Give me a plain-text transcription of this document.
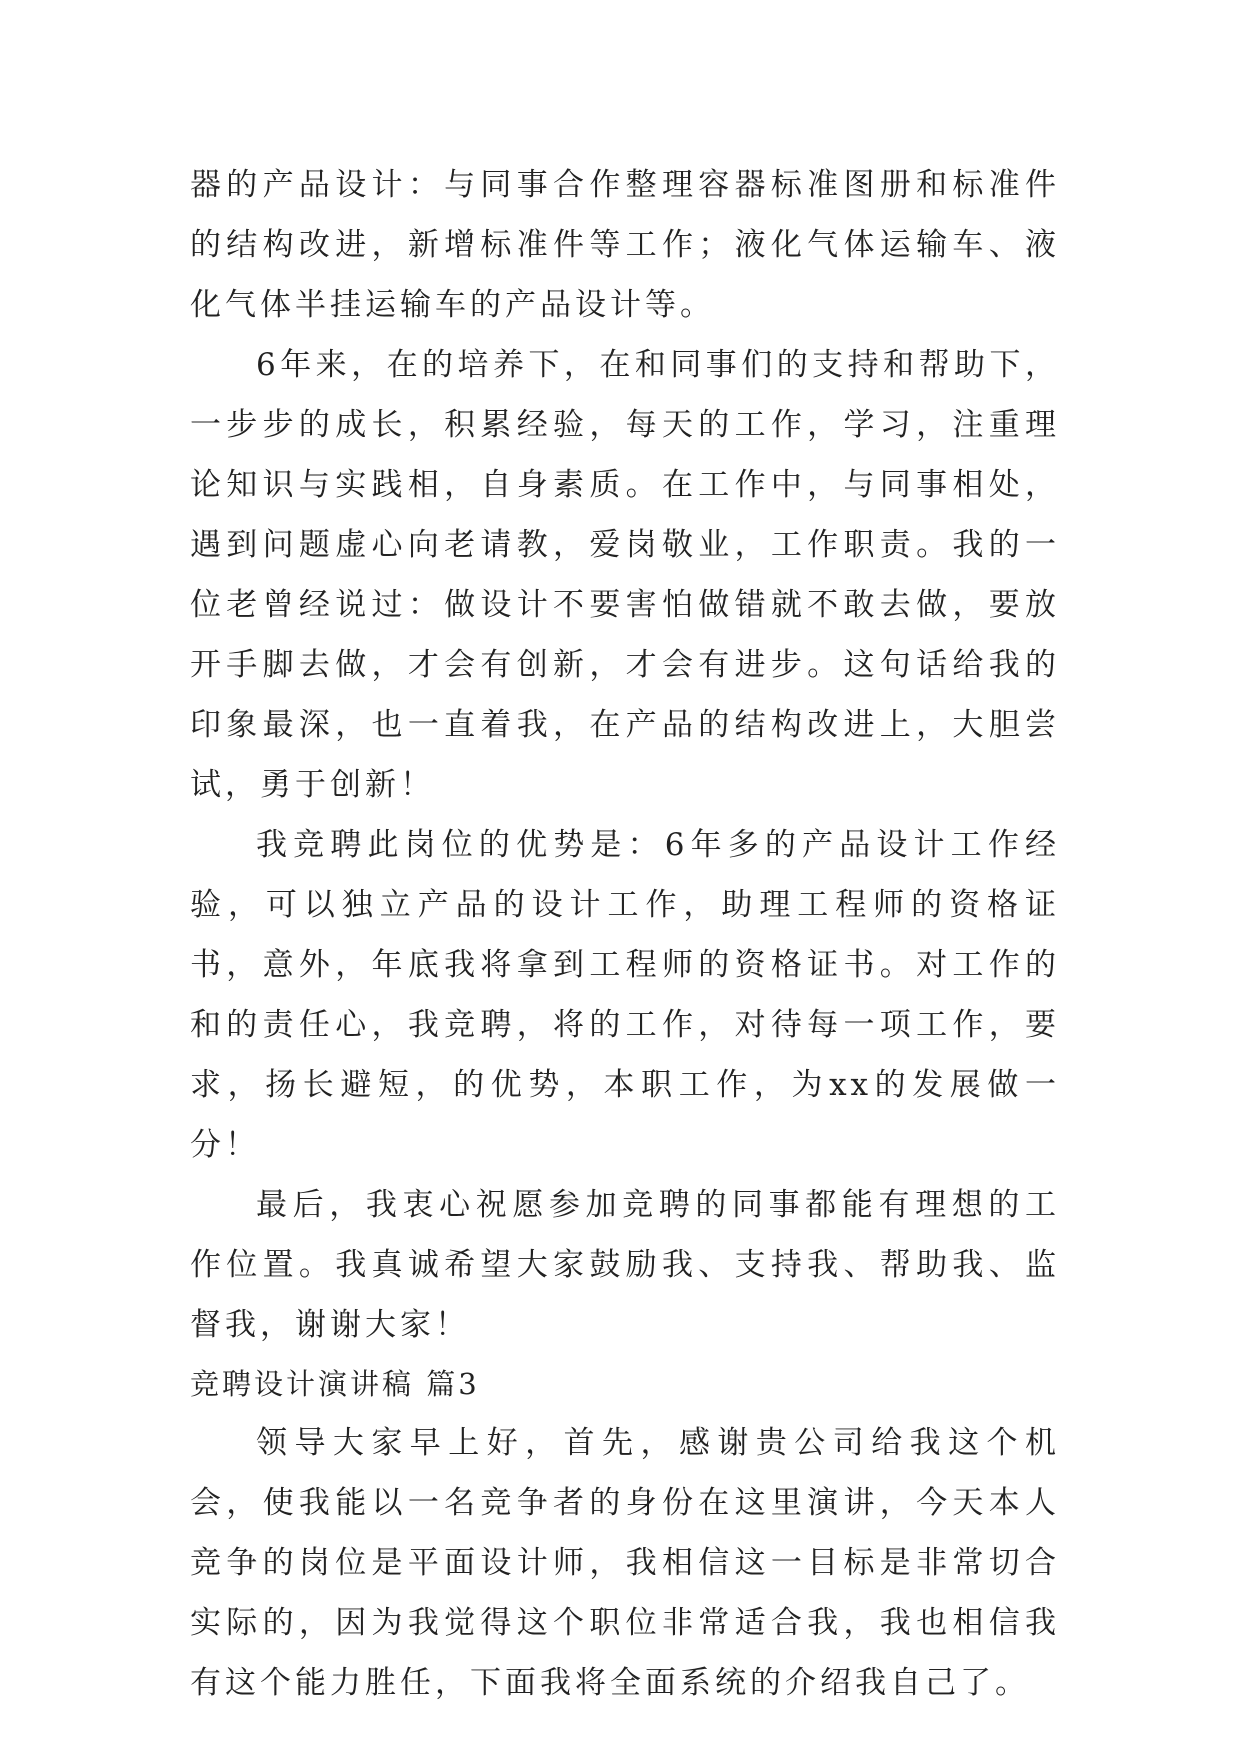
器的产品设计：与同事合作整理容器标准图册和标准件的结构改进，新增标准件等工作；液化气体运输车、液化气体半挂运输车的产品设计等。

6年来，在的培养下，在和同事们的支持和帮助下，一步步的成长，积累经验，每天的工作，学习，注重理论知识与实践相，自身素质。在工作中，与同事相处，遇到问题虚心向老请教，爱岗敬业，工作职责。我的一位老曾经说过：做设计不要害怕做错就不敢去做，要放开手脚去做，才会有创新，才会有进步。这句话给我的印象最深，也一直着我，在产品的结构改进上，大胆尝试，勇于创新！

我竞聘此岗位的优势是：6年多的产品设计工作经验，可以独立产品的设计工作，助理工程师的资格证书，意外，年底我将拿到工程师的资格证书。对工作的和的责任心，我竞聘，将的工作，对待每一项工作，要求，扬长避短，的优势，本职工作，为xx的发展做一分！

最后，我衷心祝愿参加竞聘的同事都能有理想的工作位置。我真诚希望大家鼓励我、支持我、帮助我、监督我，谢谢大家！

竞聘设计演讲稿 篇3

领导大家早上好，首先，感谢贵公司给我这个机会，使我能以一名竞争者的身份在这里演讲，今天本人竞争的岗位是平面设计师，我相信这一目标是非常切合实际的，因为我觉得这个职位非常适合我，我也相信我有这个能力胜任，下面我将全面系统的介绍我自己了。
